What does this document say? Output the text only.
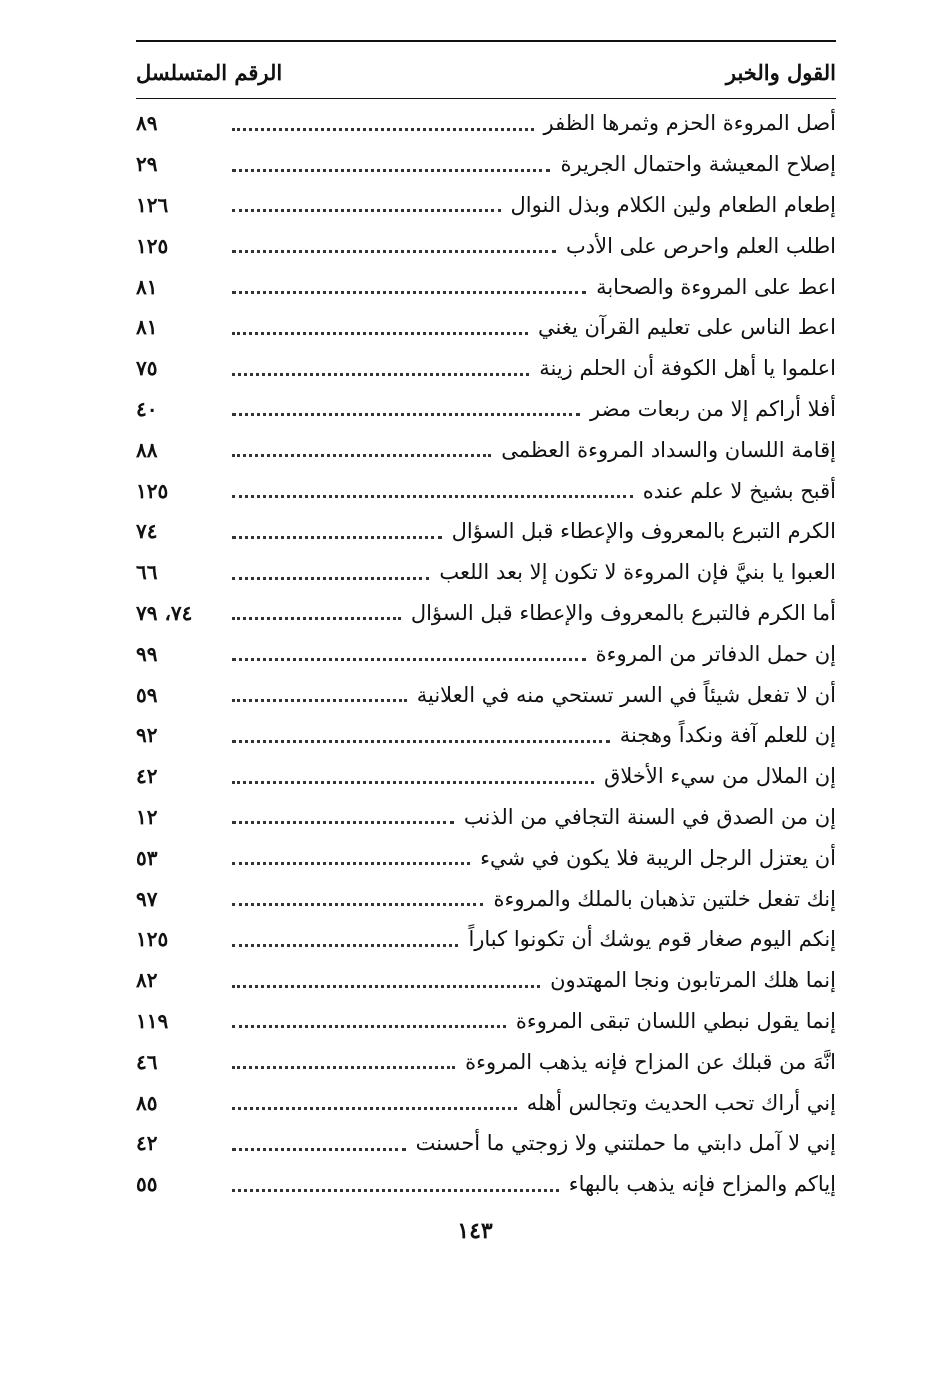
القول والخبر
الرقم المتسلسل
أصل المروءة الحزم وثمرها الظفر
٨٩
إصلاح المعيشة واحتمال الجريرة
٢٩
إطعام الطعام ولين الكلام وبذل النوال
١٢٦
اطلب العلم واحرص على الأدب
١٢٥
اعط على المروءة والصحابة
٨١
اعط الناس على تعليم القرآن يغني
٨١
اعلموا يا أهل الكوفة أن الحلم زينة
٧٥
أفلا أراكم إلا من ربعات مضر
٤٠
إقامة اللسان والسداد المروءة العظمى
٨٨
أقبح بشيخ لا علم عنده
١٢٥
الكرم التبرع بالمعروف والإعطاء قبل السؤال
٧٤
العبوا يا بنيَّ فإن المروءة لا تكون إلا بعد اللعب
٦٦
أما الكرم فالتبرع بالمعروف والإعطاء قبل السؤال
٧٤، ٧٩
إن حمل الدفاتر من المروءة
٩٩
أن لا تفعل شيئاً في السر تستحي منه في العلانية
٥٩
إن للعلم آفة ونكداً وهجنة
٩٢
إن الملال من سيء الأخلاق
٤٢
إن من الصدق في السنة التجافي من الذنب
١٢
أن يعتزل الرجل الريبة فلا يكون في شيء
٥٣
إنك تفعل خلتين تذهبان بالملك والمروءة
٩٧
إنكم اليوم صغار قوم يوشك أن تكونوا كباراً
١٢٥
إنما هلك المرتابون ونجا المهتدون
٨٢
إنما يقول نبطي اللسان تبقى المروءة
١١٩
انَّهَ من قبلك عن المزاح فإنه يذهب المروءة
٤٦
إني أراك تحب الحديث وتجالس أهله
٨٥
إني لا آمل دابتي ما حملتني ولا زوجتي ما أحسنت
٤٢
إياكم والمزاح فإنه يذهب بالبهاء
٥٥
١٤٣
